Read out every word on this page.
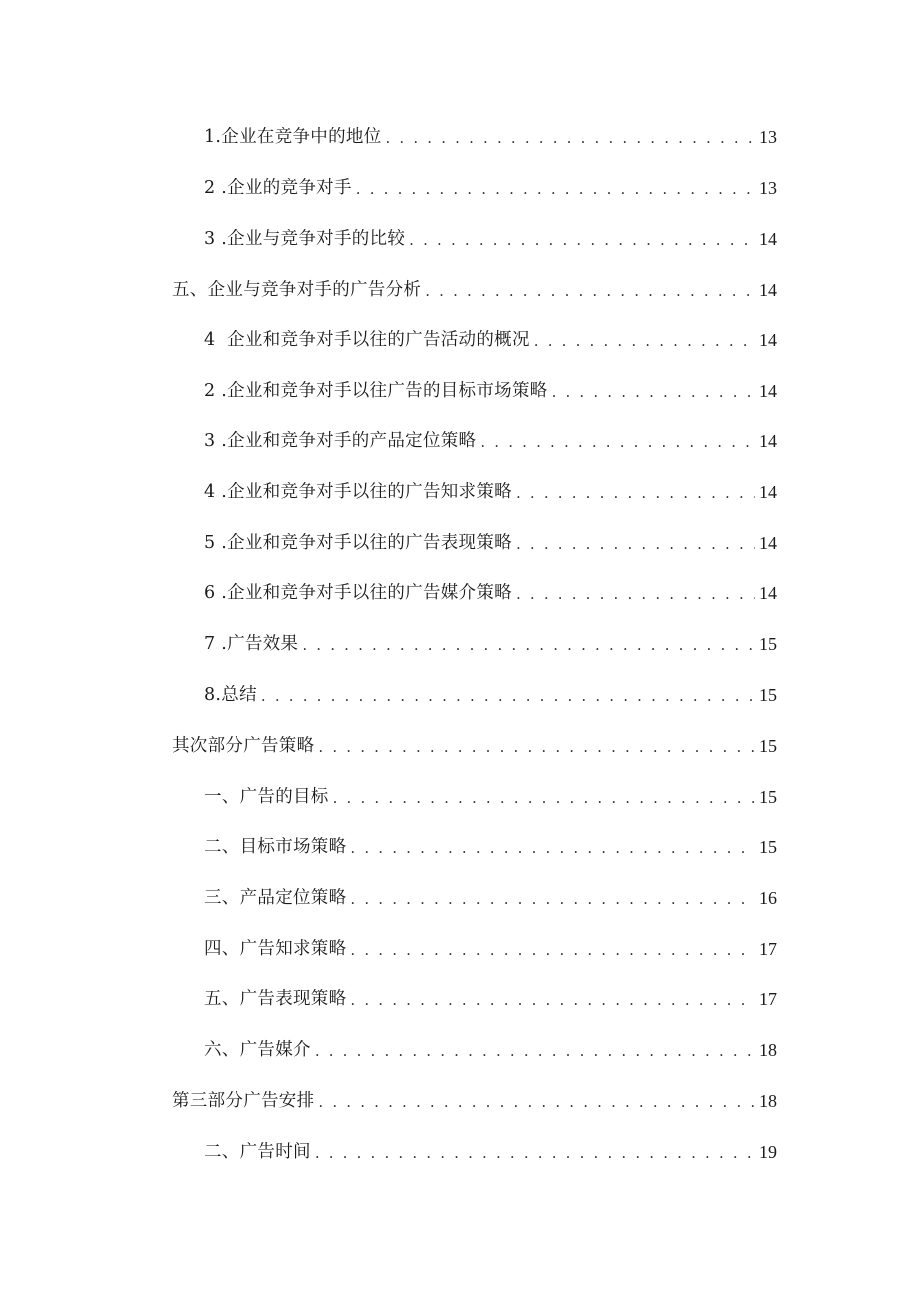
1.企业在竞争中的地位 . . .	13
2 .企业的竞争对手 . . .	13
3 .企业与竞争对手的比较 . . .	14
五、企业与竞争对手的广告分析 . . .	14
4  企业和竞争对手以往的广告活动的概况 . . .	14
2 .企业和竞争对手以往广告的目标市场策略 . . .	14
3 .企业和竞争对手的产品定位策略 . . .	14
4 .企业和竞争对手以往的广告知求策略 . . .	14
5 .企业和竞争对手以往的广告表现策略 . . .	14
6 .企业和竞争对手以往的广告媒介策略 . . .	14
7 .广告效果 . . .	15
8.总结 . . .	15
其次部分广告策略 . . .	15
一、广告的目标 . . .	15
二、目标市场策略 . . .	15
三、产品定位策略 . . .	16
四、广告知求策略 . . .	17
五、广告表现策略 . . .	17
六、广告媒介 . . .	18
第三部分广告安排 . . .	18
二、广告时间 . . .	19
